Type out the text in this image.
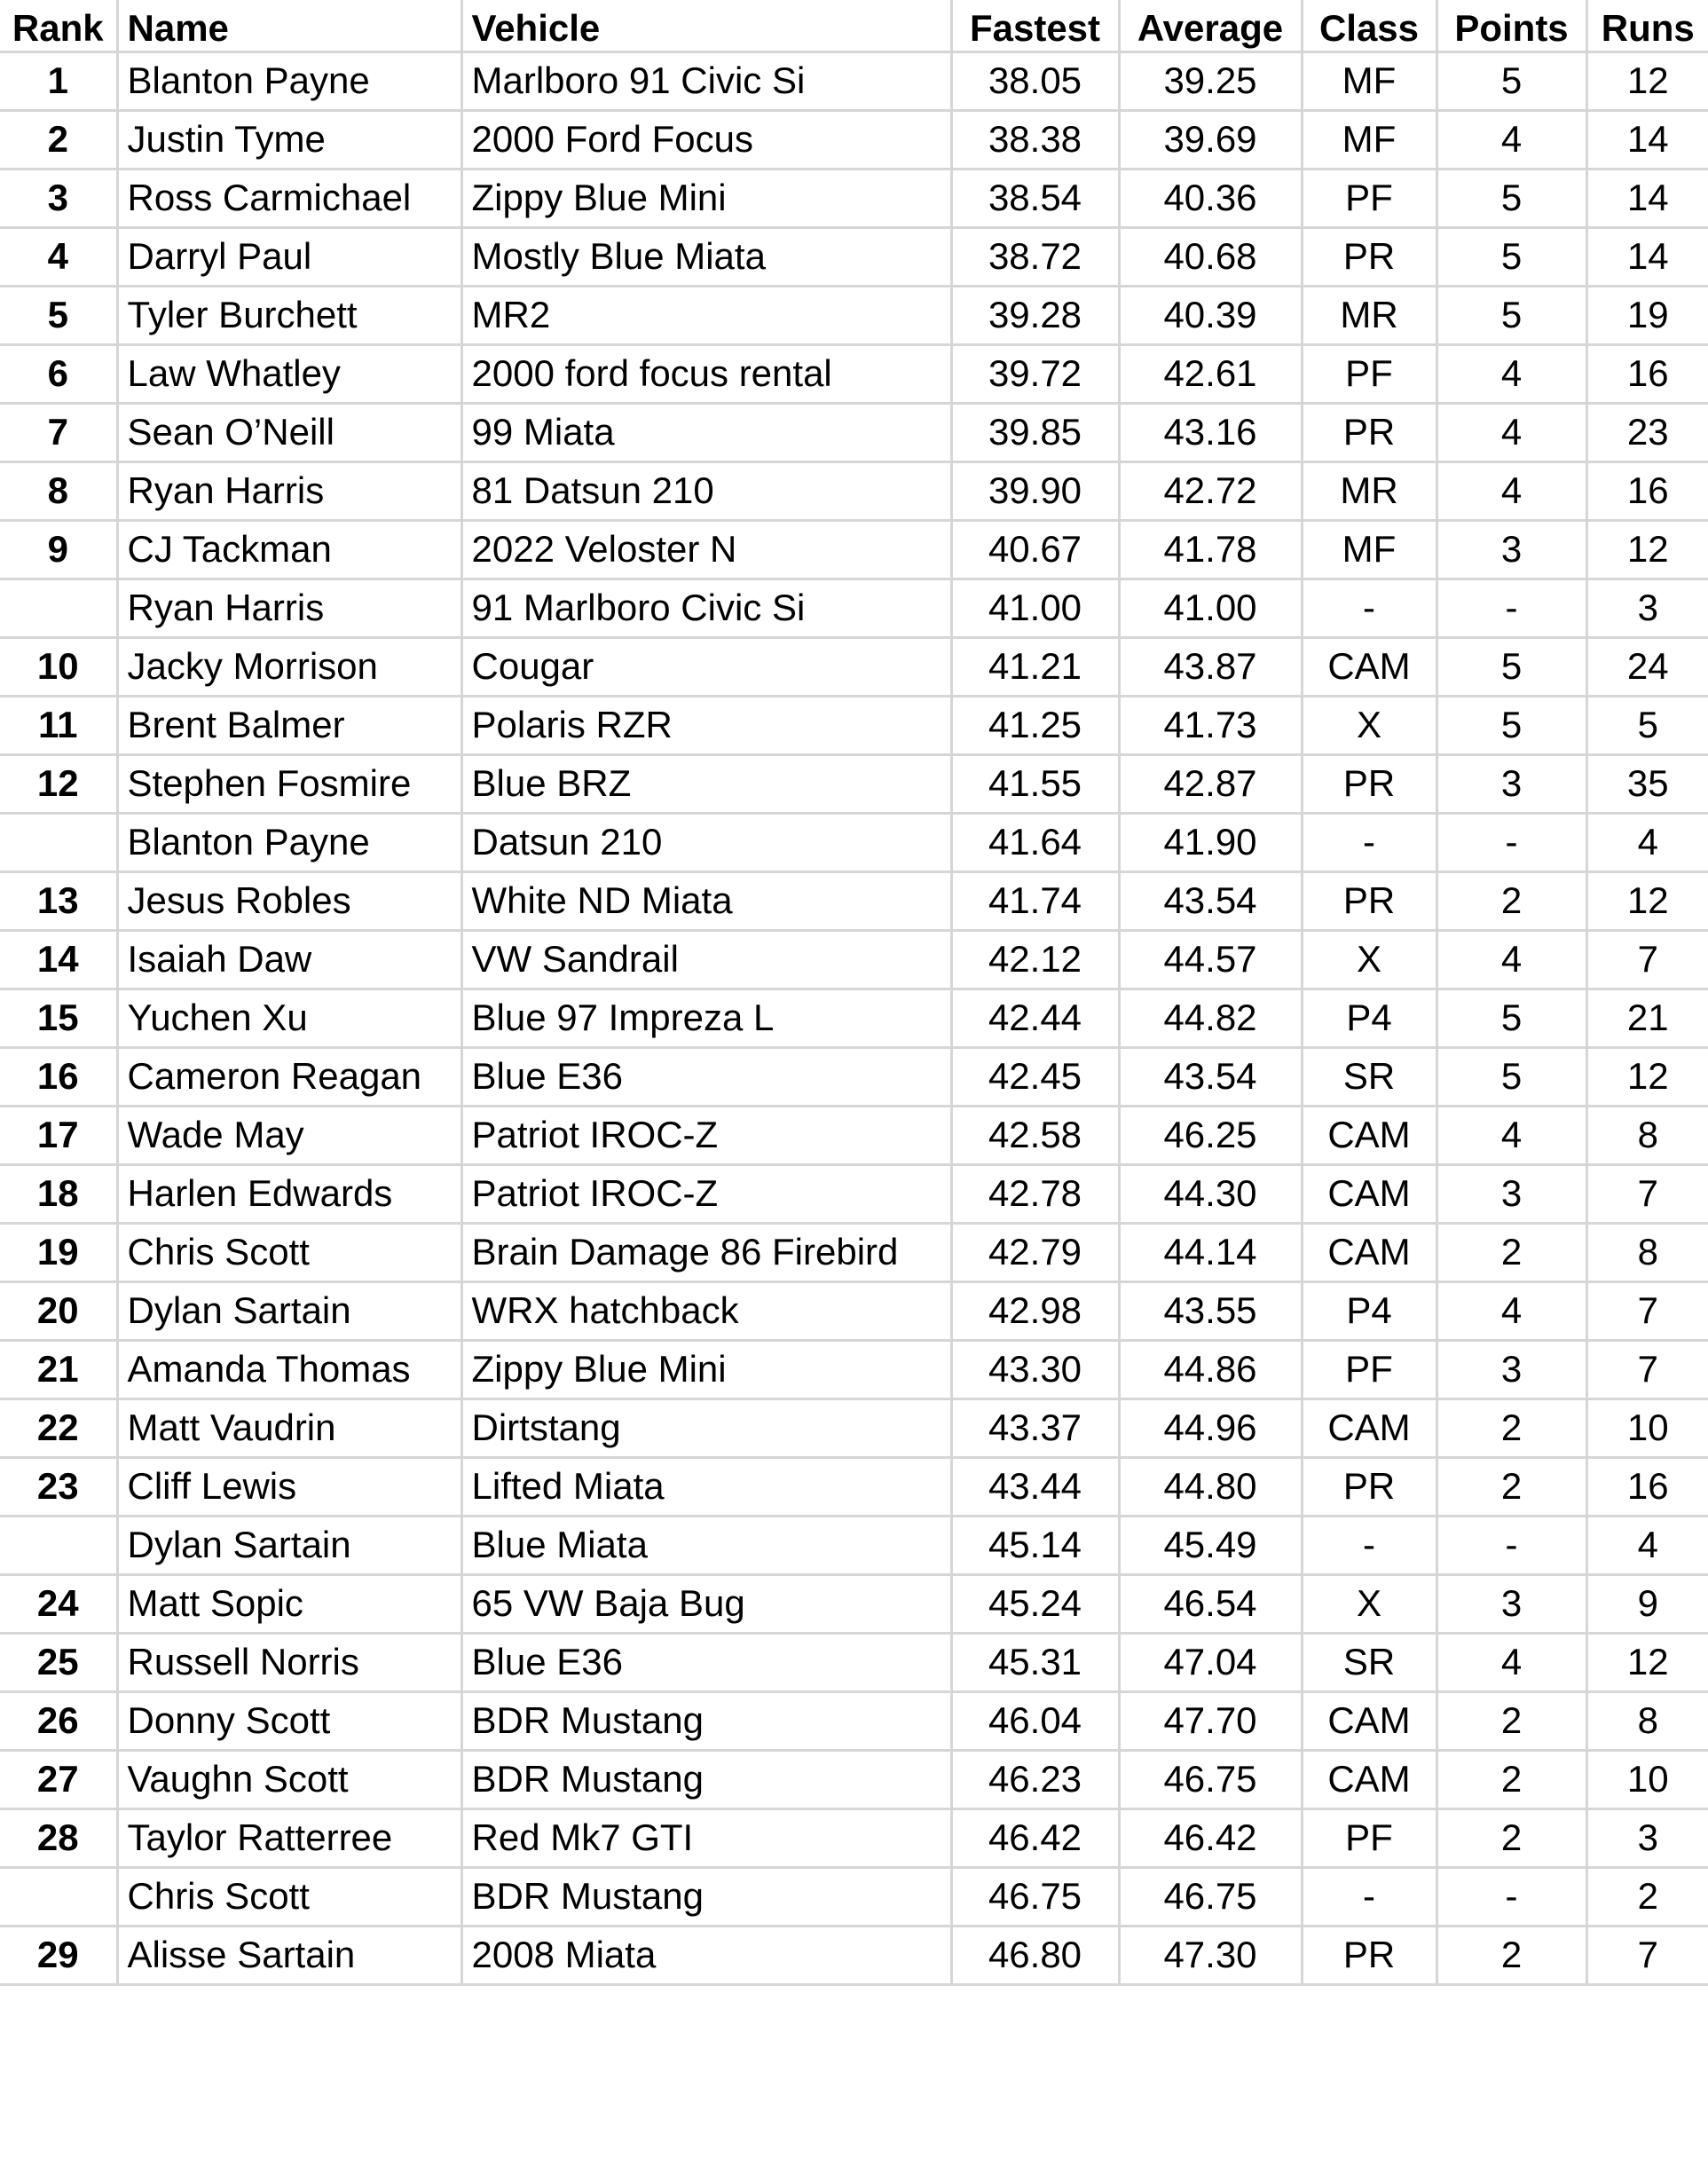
Rank	Name	Vehicle	Fastest	Average	Class	Points	Runs
1	Blanton Payne	Marlboro 91 Civic Si	38.05	39.25	MF	5	12
2	Justin Tyme	2000 Ford Focus	38.38	39.69	MF	4	14
3	Ross Carmichael	Zippy Blue Mini	38.54	40.36	PF	5	14
4	Darryl Paul	Mostly Blue Miata	38.72	40.68	PR	5	14
5	Tyler Burchett	MR2	39.28	40.39	MR	5	19
6	Law Whatley	2000 ford focus rental	39.72	42.61	PF	4	16
7	Sean O’Neill	99 Miata	39.85	43.16	PR	4	23
8	Ryan Harris	81 Datsun 210	39.90	42.72	MR	4	16
9	CJ Tackman	2022 Veloster N	40.67	41.78	MF	3	12
	Ryan Harris	91 Marlboro Civic Si	41.00	41.00	-	-	3
10	Jacky Morrison	Cougar	41.21	43.87	CAM	5	24
11	Brent Balmer	Polaris RZR	41.25	41.73	X	5	5
12	Stephen Fosmire	Blue BRZ	41.55	42.87	PR	3	35
	Blanton Payne	Datsun 210	41.64	41.90	-	-	4
13	Jesus Robles	White ND Miata	41.74	43.54	PR	2	12
14	Isaiah Daw	VW Sandrail	42.12	44.57	X	4	7
15	Yuchen Xu	Blue 97 Impreza L	42.44	44.82	P4	5	21
16	Cameron Reagan	Blue E36	42.45	43.54	SR	5	12
17	Wade May	Patriot IROC-Z	42.58	46.25	CAM	4	8
18	Harlen Edwards	Patriot IROC-Z	42.78	44.30	CAM	3	7
19	Chris Scott	Brain Damage 86 Firebird	42.79	44.14	CAM	2	8
20	Dylan Sartain	WRX hatchback	42.98	43.55	P4	4	7
21	Amanda Thomas	Zippy Blue Mini	43.30	44.86	PF	3	7
22	Matt Vaudrin	Dirtstang	43.37	44.96	CAM	2	10
23	Cliff Lewis	Lifted Miata	43.44	44.80	PR	2	16
	Dylan Sartain	Blue Miata	45.14	45.49	-	-	4
24	Matt Sopic	65 VW Baja Bug	45.24	46.54	X	3	9
25	Russell Norris	Blue E36	45.31	47.04	SR	4	12
26	Donny Scott	BDR Mustang	46.04	47.70	CAM	2	8
27	Vaughn Scott	BDR Mustang	46.23	46.75	CAM	2	10
28	Taylor Ratterree	Red Mk7 GTI	46.42	46.42	PF	2	3
	Chris Scott	BDR Mustang	46.75	46.75	-	-	2
29	Alisse Sartain	2008 Miata	46.80	47.30	PR	2	7
